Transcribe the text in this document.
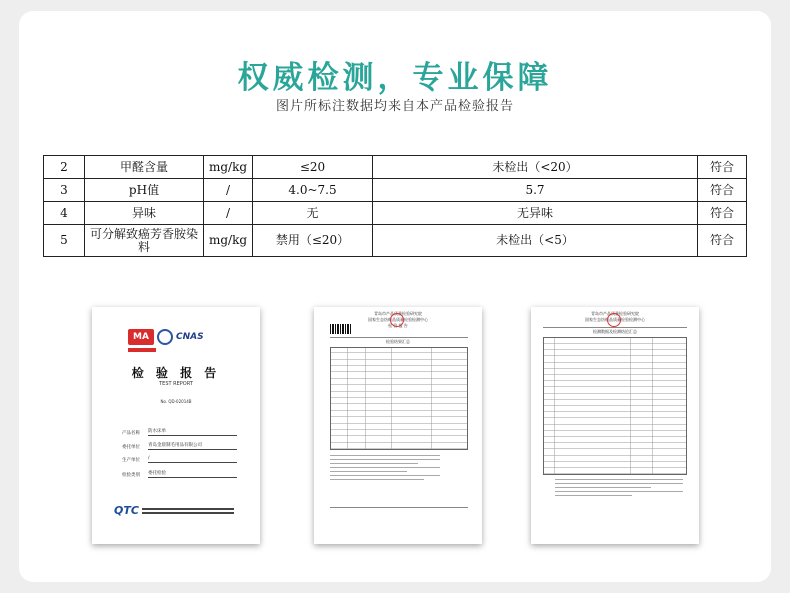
权威检测，专业保障
图片所标注数据均来自本产品检验报告
2	甲醛含量	mg/kg	≤20	未检出（<20）	符合
3	pH值	/	4.0~7.5	5.7	符合
4	异味	/	无	无异味	符合
5	可分解致癌芳香胺染料	mg/kg	禁用（≤20）	未检出（<5）	符合
MA	CNAS
检 验 报 告
TEST REPORT
No. QD-02014B
产品名称	防水床单
委托单位	青岛金晨制毛用品有限公司
生产单位	/
检验类别	委托检验
QTC
青岛市产品质量检验研究院
国家生态纺织品质量检验检测中心
检 验 报 告
检验结果汇总
青岛市产品质量检验研究院
国家生态纺织品质量检验检测中心
检测数据及检测结论汇总
